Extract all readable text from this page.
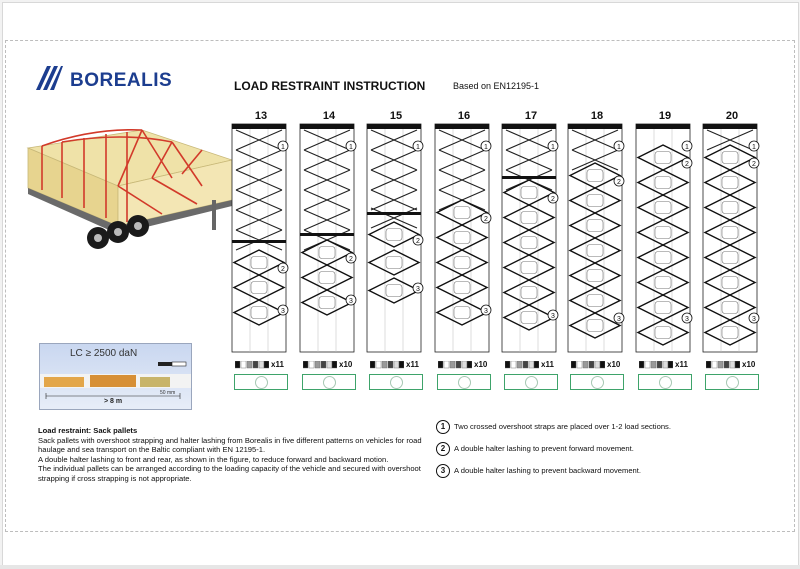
BOREALIS	LOAD RESTRAINT INSTRUCTION	Based on EN12195-1
LC ≥ 2500 daN
50 mm
> 8 m
13
1
2
3
x11
14
1
2
3
x10
15
1
2
3
x11
16
1
2
3
x10
17
1
2
3
x11
18
1
2
3
x10
19
1
2
3
x11
20
1
2
3
x10
Load restraint: Sack pallets
Sack pallets with overshoot strapping and halter lashing from Borealis in five different patterns on vehicles for road haulage and sea transport on the Baltic compliant with EN 12195-1.
A double halter lashing to front and rear, as shown in the figure, to reduce forward and backward motion.
The individual pallets can be arranged according to the loading capacity of the vehicle and secured with overshoot strapping if cross strapping is not appropriate.
1	Two crossed overshoot straps are placed over 1-2 load sections.
2	A double halter lashing to prevent forward movement.
3	A double halter lashing to prevent backward movement.
